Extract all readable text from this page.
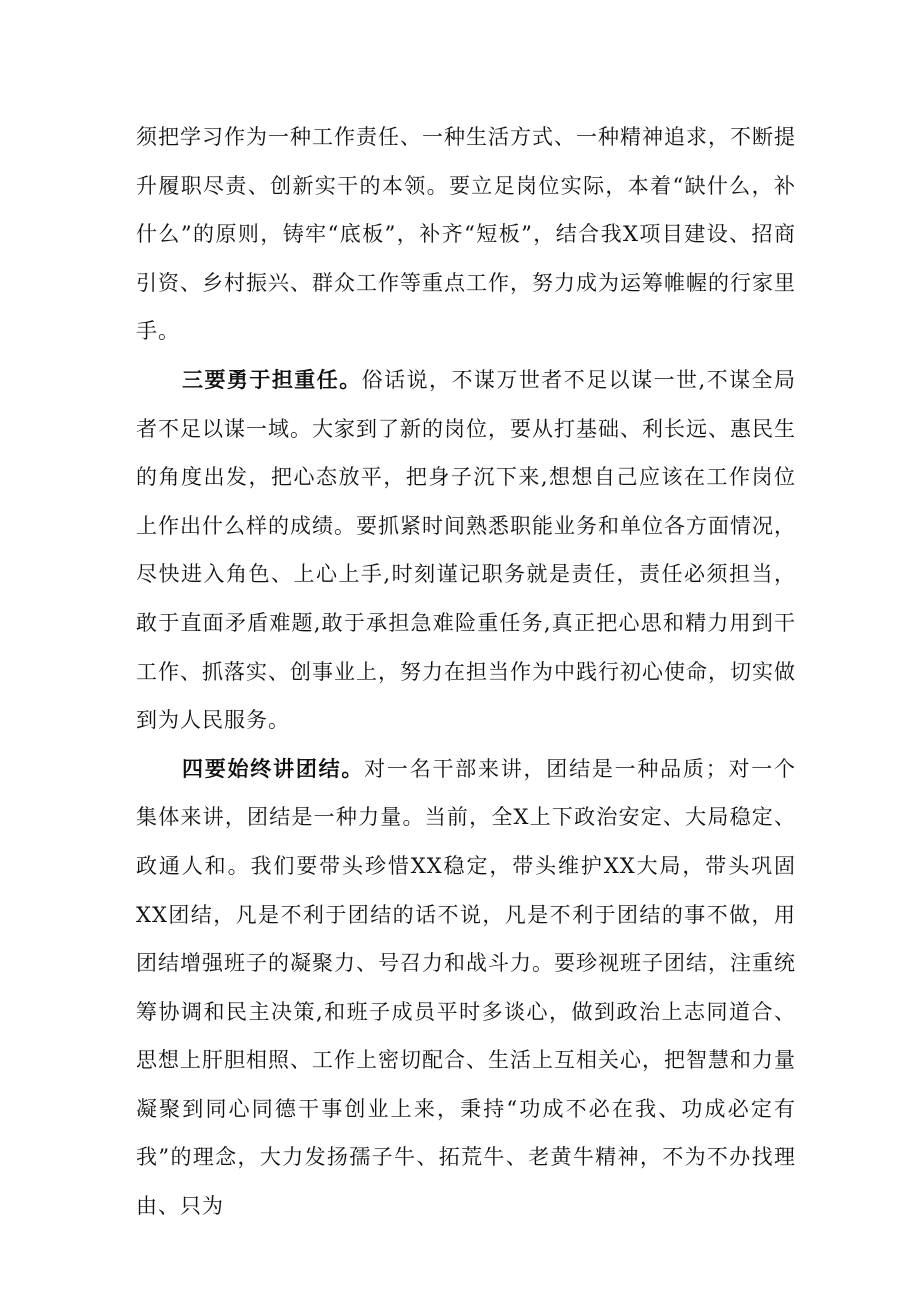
须把学习作为一种工作责任、一种生活方式、一种精神追求，不断提升履职尽责、创新实干的本领。要立足岗位实际，本着“缺什么，补什么”的原则，铸牢“底板”，补齐“短板”，结合我X项目建设、招商引资、乡村振兴、群众工作等重点工作，努力成为运筹帷幄的行家里手。

三要勇于担重任。俗话说，不谋万世者不足以谋一世,不谋全局者不足以谋一域。大家到了新的岗位，要从打基础、利长远、惠民生的角度出发，把心态放平，把身子沉下来,想想自己应该在工作岗位上作出什么样的成绩。要抓紧时间熟悉职能业务和单位各方面情况，尽快进入角色、上心上手,时刻谨记职务就是责任，责任必须担当，敢于直面矛盾难题,敢于承担急难险重任务,真正把心思和精力用到干工作、抓落实、创事业上，努力在担当作为中践行初心使命，切实做到为人民服务。

四要始终讲团结。对一名干部来讲，团结是一种品质；对一个集体来讲，团结是一种力量。当前，全X上下政治安定、大局稳定、政通人和。我们要带头珍惜XX稳定，带头维护XX大局，带头巩固XX团结，凡是不利于团结的话不说，凡是不利于团结的事不做，用团结增强班子的凝聚力、号召力和战斗力。要珍视班子团结，注重统筹协调和民主决策,和班子成员平时多谈心，做到政治上志同道合、思想上肝胆相照、工作上密切配合、生活上互相关心，把智慧和力量凝聚到同心同德干事创业上来，秉持“功成不必在我、功成必定有我”的理念，大力发扬孺子牛、拓荒牛、老黄牛精神，不为不办找理由、只为
